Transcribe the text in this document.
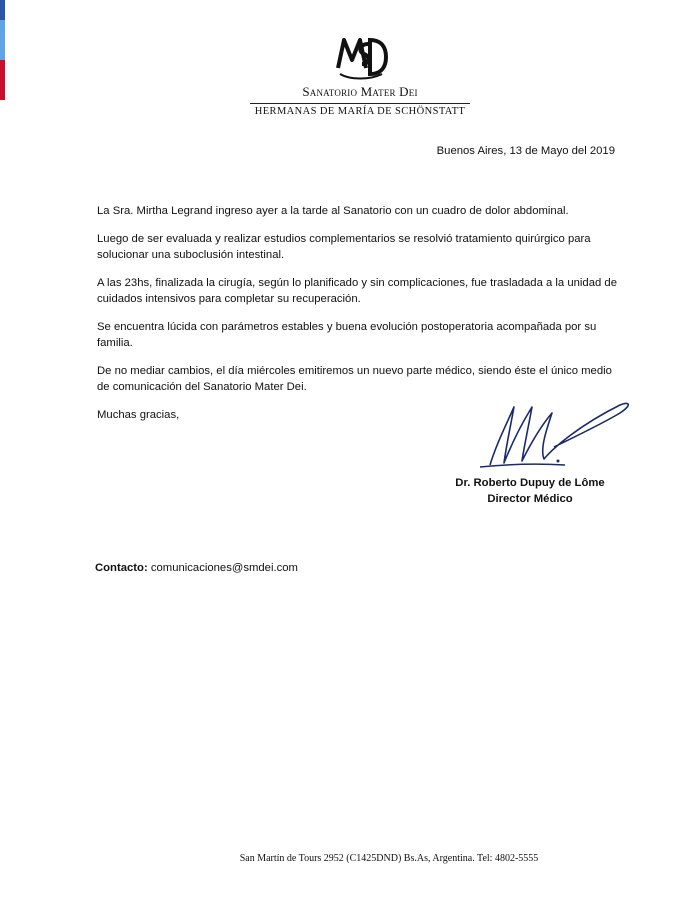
Sanatorio Mater Dei
HERMANAS DE MARÍA DE SCHÖNSTATT
Buenos Aires, 13 de Mayo del 2019

La Sra. Mirtha Legrand ingreso ayer a la tarde al Sanatorio con un cuadro de dolor abdominal.

Luego de ser evaluada y realizar estudios complementarios se resolvió tratamiento quirúrgico para solucionar una suboclusión intestinal.

A las 23hs, finalizada la cirugía, según lo planificado y sin complicaciones, fue trasladada a la unidad de cuidados intensivos para completar su recuperación.

Se encuentra lúcida con parámetros estables y buena evolución postoperatoria acompañada por su familia.

De no mediar cambios, el día miércoles emitiremos un nuevo parte médico, siendo éste el único medio de comunicación del Sanatorio Mater Dei.

Muchas gracias,

Dr. Roberto Dupuy de Lôme
Director Médico
Contacto: comunicaciones@smdei.com
San Martín de Tours 2952 (C1425DND) Bs.As, Argentina. Tel: 4802-5555
